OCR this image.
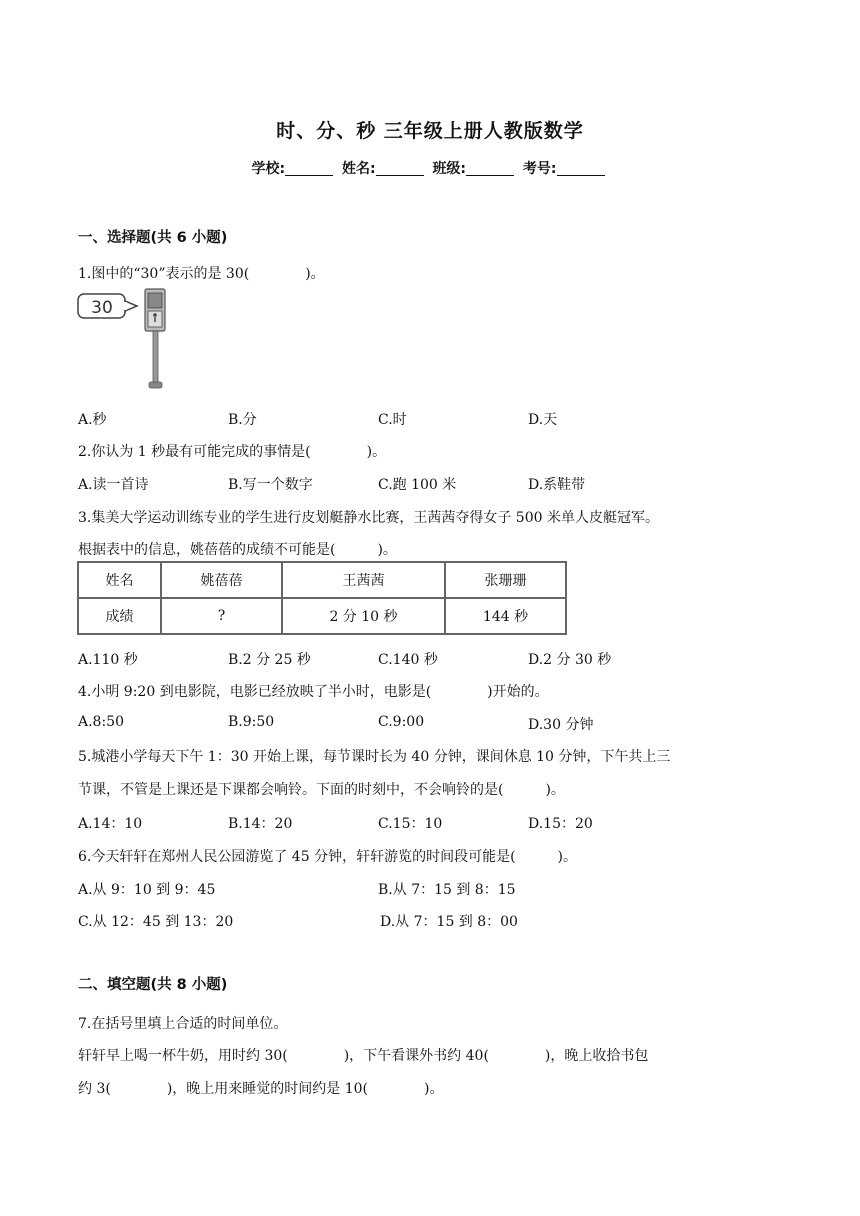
时、分、秒 三年级上册人教版数学
学校:	姓名:	班级:	考号:
一、选择题(共 6 小题)
1.图中的“30”表示的是 30(　　　　)。
30
A.秒	B.分	C.时	D.天
2.你认为 1 秒最有可能完成的事情是(　　　　)。
A.读一首诗	B.写一个数字	C.跑 100 米	D.系鞋带
3.集美大学运动训练专业的学生进行皮划艇静水比赛，王茜茜夺得女子 500 米单人皮艇冠军。
根据表中的信息，姚蓓蓓的成绩不可能是(　　　)。
姓名	姚蓓蓓	王茜茜	张珊珊
成绩	?	2 分 10 秒	144 秒
A.110 秒	B.2 分 25 秒	C.140 秒	D.2 分 30 秒
4.小明 9:20 到电影院，电影已经放映了半小时，电影是(　　　　)开始的。
A.8:50	B.9:50	C.9:00	D.30 分钟
5.城港小学每天下午 1：30 开始上课，每节课时长为 40 分钟，课间休息 10 分钟，下午共上三
节课，不管是上课还是下课都会响铃。下面的时刻中，不会响铃的是(　　　)。
A.14：10	B.14：20	C.15：10	D.15：20
6.今天轩轩在郑州人民公园游览了 45 分钟，轩轩游览的时间段可能是(　　　)。
A.从 9：10 到 9：45	B.从 7：15 到 8：15
C.从 12：45 到 13：20	D.从 7：15 到 8：00
二、填空题(共 8 小题)
7.在括号里填上合适的时间单位。
轩轩早上喝一杯牛奶，用时约 30(　　　　)，下午看课外书约 40(　　　　)，晚上收拾书包
约 3(　　　　)，晚上用来睡觉的时间约是 10(　　　　)。
